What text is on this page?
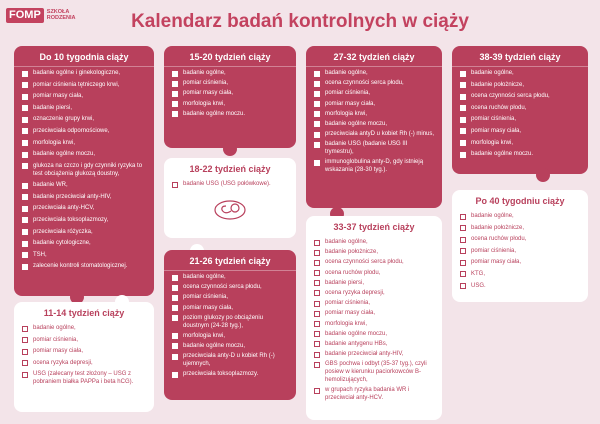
FOMP	SZKOŁA
RODZENIA	Kalendarz badań kontrolnych w ciąży
Do 10 tygodnia ciąży
badanie ogólne i ginekologiczne,
pomiar ciśnienia tętniczego krwi,
pomiar masy ciała,
badanie piersi,
oznaczenie grupy krwi,
przeciwciała odpornościowe,
morfologia krwi,
badanie ogólne moczu,
glukoza na czczo i gdy czynniki ryzyka to test obciążenia glukozą doustny,
badanie WR,
badanie przeciwciał anty-HIV,
przeciwciała anty-HCV,
przeciwciała toksoplazmozy,
przeciwciała różyczka,
badanie cytologiczne,
TSH,
zalecenie kontroli stomatologicznej.
11-14 tydzień ciąży
badanie ogólne,
pomiar ciśnienia,
pomiar masy ciała,
ocena ryzyka depresji,
USG (zalecany test złożony – USG z pobraniem białka PAPPa i beta hCG).
15-20 tydzień ciąży
badanie ogólne,
pomiar ciśnienia,
pomiar masy ciała,
morfologia krwi,
badanie ogólne moczu.
18-22 tydzień ciąży
badanie USG (USG połówkowe).
21-26 tydzień ciąży
badanie ogólne,
ocena czynności serca płodu,
pomiar ciśnienia,
pomiar masy ciała,
poziom glukozy po obciążeniu doustnym (24-28 tyg.),
morfologia krwi,
badanie ogólne moczu,
przeciwciała anty-D u kobiet Rh (-) ujemnych,
przeciwciała toksoplazmozy.
27-32 tydzień ciąży
badanie ogólne,
ocena czynności serca płodu,
pomiar ciśnienia,
pomiar masy ciała,
morfologia krwi,
badanie ogólne moczu,
przeciwciała antyD u kobiet Rh (-) minus,
badanie USG (badanie USG III trymestru),
immunoglobulina anty-D, gdy istnieją wskazania (28-30 tyg.).
33-37 tydzień ciąży
badanie ogólne,
badanie położnicze,
ocena czynności serca płodu,
ocena ruchów płodu,
badanie piersi,
ocena ryzyka depresji,
pomiar ciśnienia,
pomiar masy ciała,
morfologia krwi,
badanie ogólne moczu,
badanie antygenu HBs,
badanie przeciwciał anty-HIV,
GBS pochwa i odbyt (35-37 tyg.), czyli posiew w kierunku paciorkowców B-hemolizujących,
w grupach ryzyka badania WR i przeciwciał anty-HCV.
38-39 tydzień ciąży
badanie ogólne,
badanie położnicze,
ocena czynności serca płodu,
ocena ruchów płodu,
pomiar ciśnienia,
pomiar masy ciała,
morfologia krwi,
badanie ogólne moczu.
Po 40 tygodniu ciąży
badanie ogólne,
badanie położnicze,
ocena ruchów płodu,
pomiar ciśnienia,
pomiar masy ciała,
KTG,
USG.
